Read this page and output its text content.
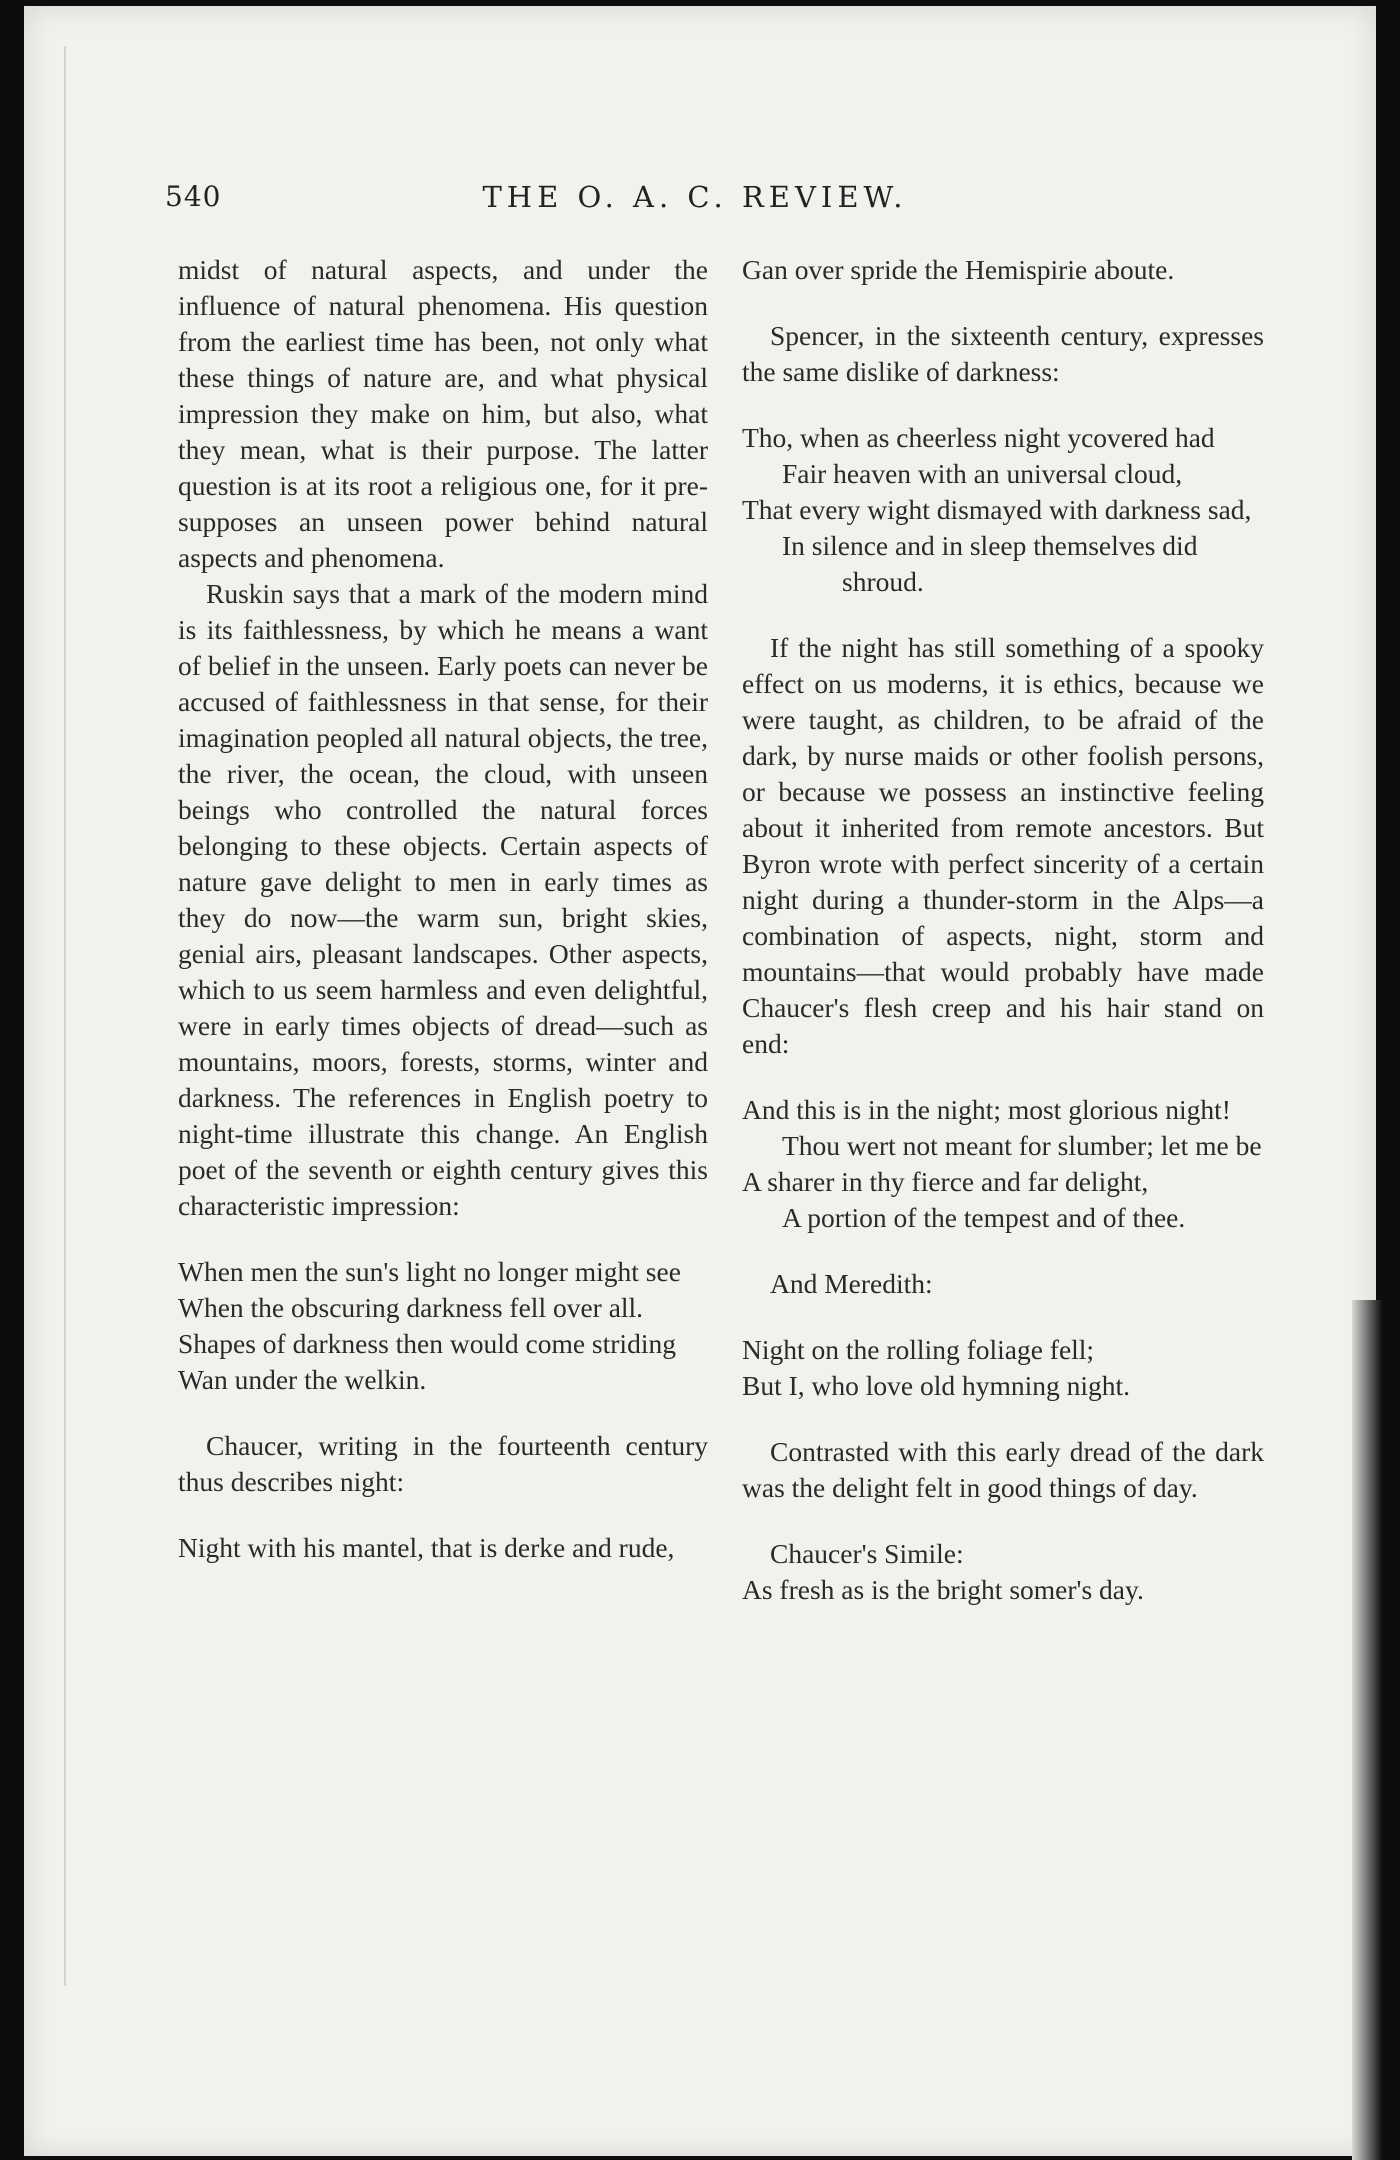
540	THE O. A. C. REVIEW.

midst of natural aspects, and under the influence of natural phenomena. His question from the earliest time has been, not only what these things of nature are, and what physical impression they make on him, but also, what they mean, what is their purpose. The latter question is at its root a religious one, for it pre-supposes an unseen power behind natural aspects and phenomena.

Ruskin says that a mark of the modern mind is its faithlessness, by which he means a want of belief in the unseen. Early poets can never be accused of faithlessness in that sense, for their imagination peopled all natural objects, the tree, the river, the ocean, the cloud, with unseen beings who controlled the natural forces belonging to these objects. Certain aspects of nature gave delight to men in early times as they do now—the warm sun, bright skies, genial airs, pleasant landscapes. Other aspects, which to us seem harmless and even delightful, were in early times objects of dread—such as mountains, moors, forests, storms, winter and darkness. The references in English poetry to night-time illustrate this change. An English poet of the seventh or eighth century gives this characteristic impression:

When men the sun's light no longer might see

When the obscuring darkness fell over all.

Shapes of darkness then would come striding

Wan under the welkin.

Chaucer, writing in the fourteenth century thus describes night:

Night with his mantel, that is derke and rude,

Gan over spride the Hemispirie aboute.

Spencer, in the sixteenth century, expresses the same dislike of darkness:

Tho, when as cheerless night ycovered had

Fair heaven with an universal cloud,

That every wight dismayed with darkness sad,

In silence and in sleep themselves did shroud.

If the night has still something of a spooky effect on us moderns, it is ethics, because we were taught, as children, to be afraid of the dark, by nurse maids or other foolish persons, or because we possess an instinctive feeling about it inherited from remote ancestors. But Byron wrote with perfect sincerity of a certain night during a thunder-storm in the Alps—a combination of aspects, night, storm and mountains—that would probably have made Chaucer's flesh creep and his hair stand on end:

And this is in the night; most glorious night!

Thou wert not meant for slumber; let me be

A sharer in thy fierce and far delight,

A portion of the tempest and of thee.

And Meredith:

Night on the rolling foliage fell;

But I, who love old hymning night.

Contrasted with this early dread of the dark was the delight felt in good things of day.

Chaucer's Simile:

As fresh as is the bright somer's day.
